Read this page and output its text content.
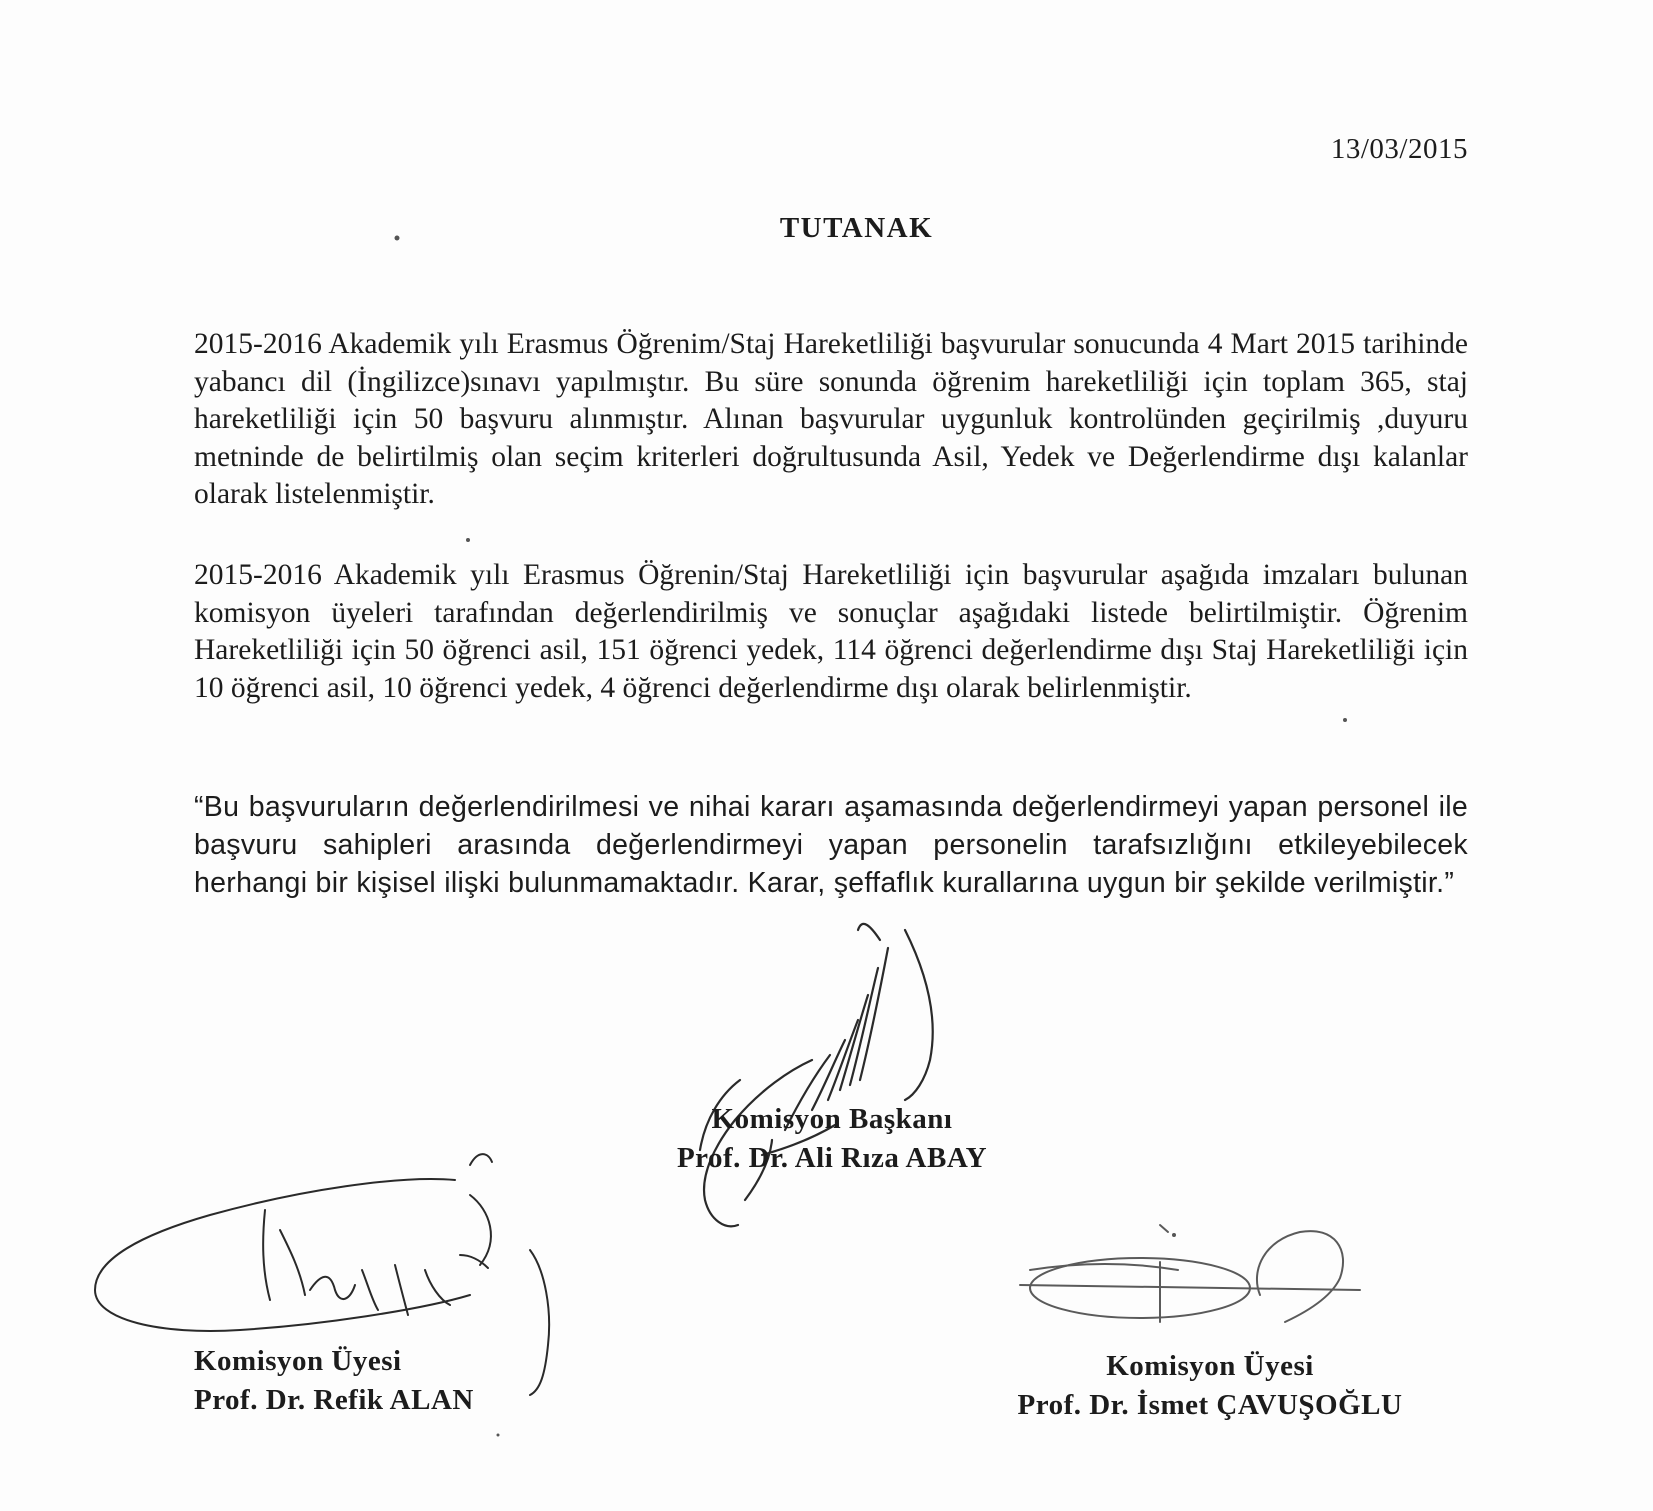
13/03/2015
TUTANAK

2015-2016 Akademik yılı Erasmus Öğrenim/Staj Hareketliliği başvurular sonucunda 4 Mart 2015 tarihinde yabancı dil (İngilizce)sınavı yapılmıştır. Bu süre sonunda öğrenim hareketliliği için toplam 365, staj hareketliliği için 50 başvuru alınmıştır. Alınan başvurular uygunluk kontrolünden geçirilmiş ,duyuru metninde de belirtilmiş olan seçim kriterleri doğrultusunda Asil, Yedek ve Değerlendirme dışı kalanlar olarak listelenmiştir.

2015-2016 Akademik yılı Erasmus Öğrenin/Staj Hareketliliği için başvurular aşağıda imzaları bulunan komisyon üyeleri tarafından değerlendirilmiş ve sonuçlar aşağıdaki listede belirtilmiştir. Öğrenim Hareketliliği için 50 öğrenci asil, 151 öğrenci yedek, 114 öğrenci değerlendirme dışı Staj Hareketliliği için 10 öğrenci asil, 10 öğrenci yedek, 4 öğrenci değerlendirme dışı olarak belirlenmiştir.

“Bu başvuruların değerlendirilmesi ve nihai kararı aşamasında değerlendirmeyi yapan personel ile başvuru sahipleri arasında değerlendirmeyi yapan personelin tarafsızlığını etkileyebilecek herhangi bir kişisel ilişki bulunmamaktadır. Karar, şeffaflık kurallarına uygun bir şekilde verilmiştir.”

Komisyon Başkanı
Prof. Dr. Ali Rıza ABAY
Komisyon Üyesi
Prof. Dr. Refik ALAN
Komisyon Üyesi
Prof. Dr. İsmet ÇAVUŞOĞLU
